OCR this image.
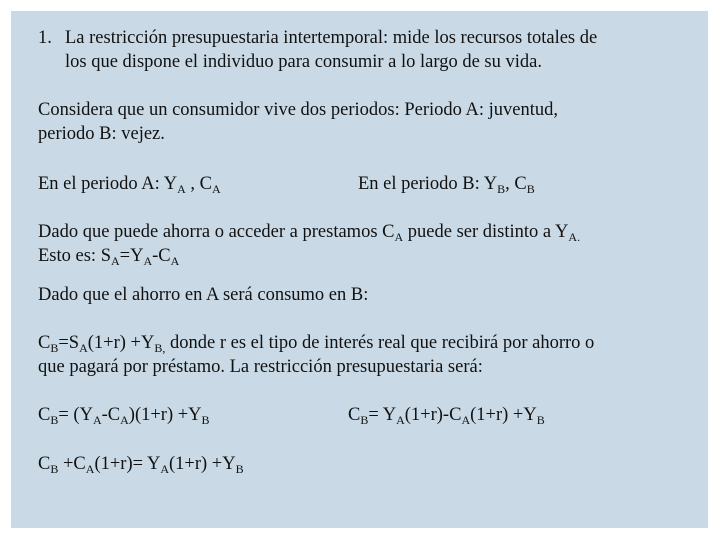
1. La restricción presupuestaria intertemporal: mide los recursos totales de
los que dispone el individuo para consumir a lo largo de su vida.
Considera que un consumidor vive dos periodos: Periodo A: juventud,
periodo B: vejez.
En el periodo A: $Y_A$ , $C_A$	En el periodo B: $Y_B$, $C_B$
Dado que puede ahorra o acceder a prestamos $C_A$ puede ser distinto a $Y_{A.}$
Esto es: $S_A=Y_A-C_A$
Dado que el ahorro en A será consumo en B:
$C_B=S_A(1+r) +Y_{B,}$ donde r es el tipo de interés real que recibirá por ahorro o
que pagará por préstamo. La restricción presupuestaria será:
$C_B= (Y_A-C_A)(1+r) +Y_B$	$C_B= Y_A(1+r)-C_A(1+r) +Y_B$
$C_B +C_A(1+r)= Y_A(1+r) +Y_B$
